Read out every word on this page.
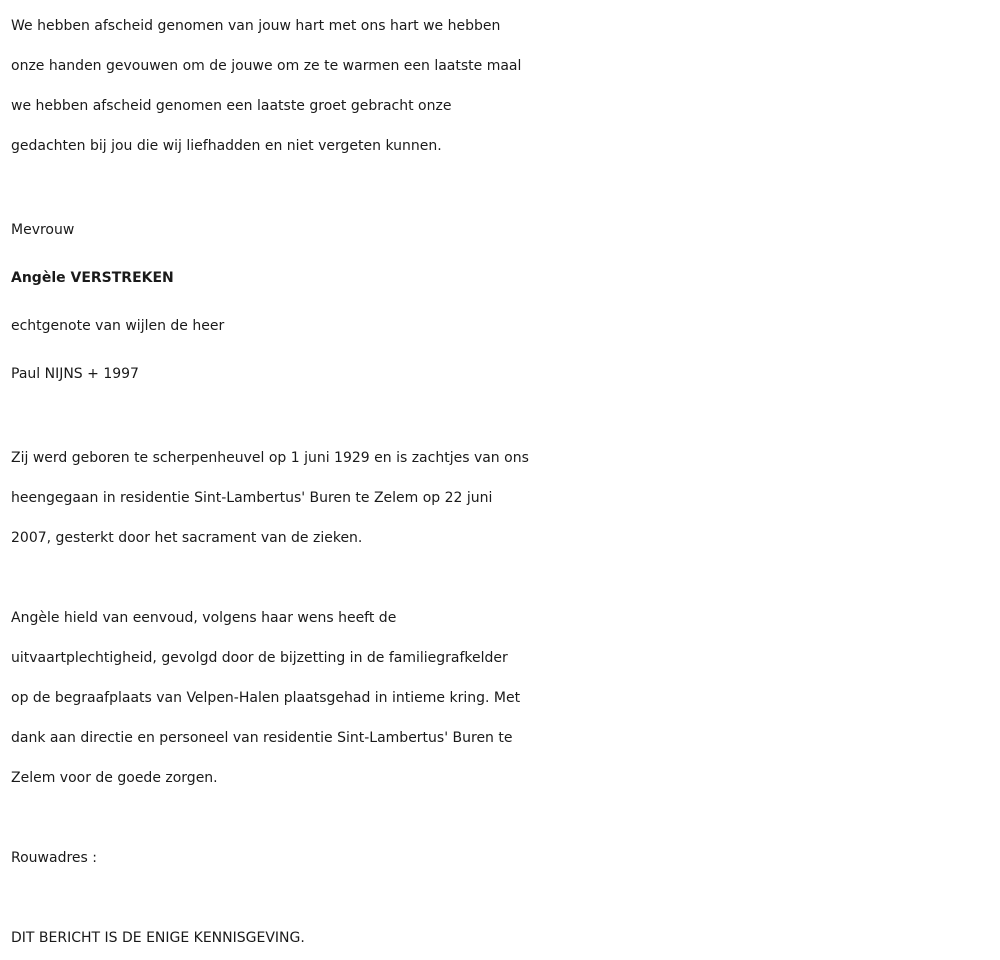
We hebben afscheid genomen van jouw hart met ons hart we hebben
onze handen gevouwen om de jouwe om ze te warmen een laatste maal
we hebben afscheid genomen een laatste groet gebracht onze
gedachten bij jou die wij liefhadden en niet vergeten kunnen.
Mevrouw
Angèle VERSTREKEN
echtgenote van wijlen de heer
Paul NIJNS + 1997
Zij werd geboren te scherpenheuvel op 1 juni 1929 en is zachtjes van ons
heengegaan in residentie Sint-Lambertus' Buren te Zelem op 22 juni
2007, gesterkt door het sacrament van de zieken.
Angèle hield van eenvoud, volgens haar wens heeft de
uitvaartplechtigheid, gevolgd door de bijzetting in de familiegrafkelder
op de begraafplaats van Velpen-Halen plaatsgehad in intieme kring. Met
dank aan directie en personeel van residentie Sint-Lambertus' Buren te
Zelem voor de goede zorgen.
Rouwadres :
DIT BERICHT IS DE ENIGE KENNISGEVING.
